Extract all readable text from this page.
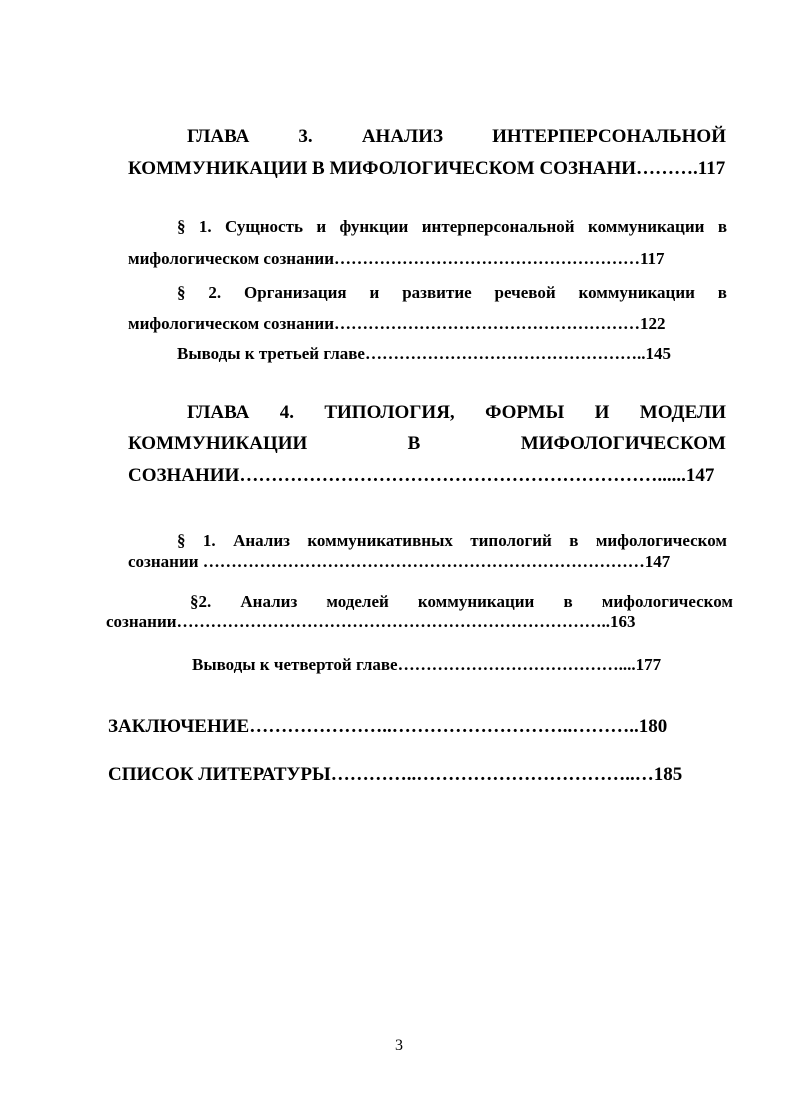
ГЛАВА 3. АНАЛИЗ ИНТЕРПЕРСОНАЛЬНОЙ
КОММУНИКАЦИИ В МИФОЛОГИЧЕСКОМ СОЗНАНИ……….117
§ 1. Сущность и функции интерперсональной коммуникации в
мифологическом сознании………………………………………………117
§ 2. Организация и развитие речевой коммуникации в
мифологическом сознании………………………………………………122
Выводы к третьей главе…………………………………………..145
ГЛАВА 4. ТИПОЛОГИЯ, ФОРМЫ И МОДЕЛИ
КОММУНИКАЦИИ В МИФОЛОГИЧЕСКОМ
СОЗНАНИИ…………………………………………………………......147
§ 1. Анализ коммуникативных типологий в мифологическом
сознании ……………………………………………………………………147
§2. Анализ моделей коммуникации в мифологическом
сознании…………………………………………………………………..163
Выводы к четвертой главе…………………………………....177
ЗАКЛЮЧЕНИЕ…………………..………………………..………..180
СПИСОК ЛИТЕРАТУРЫ…………..……………………………..…185
3
